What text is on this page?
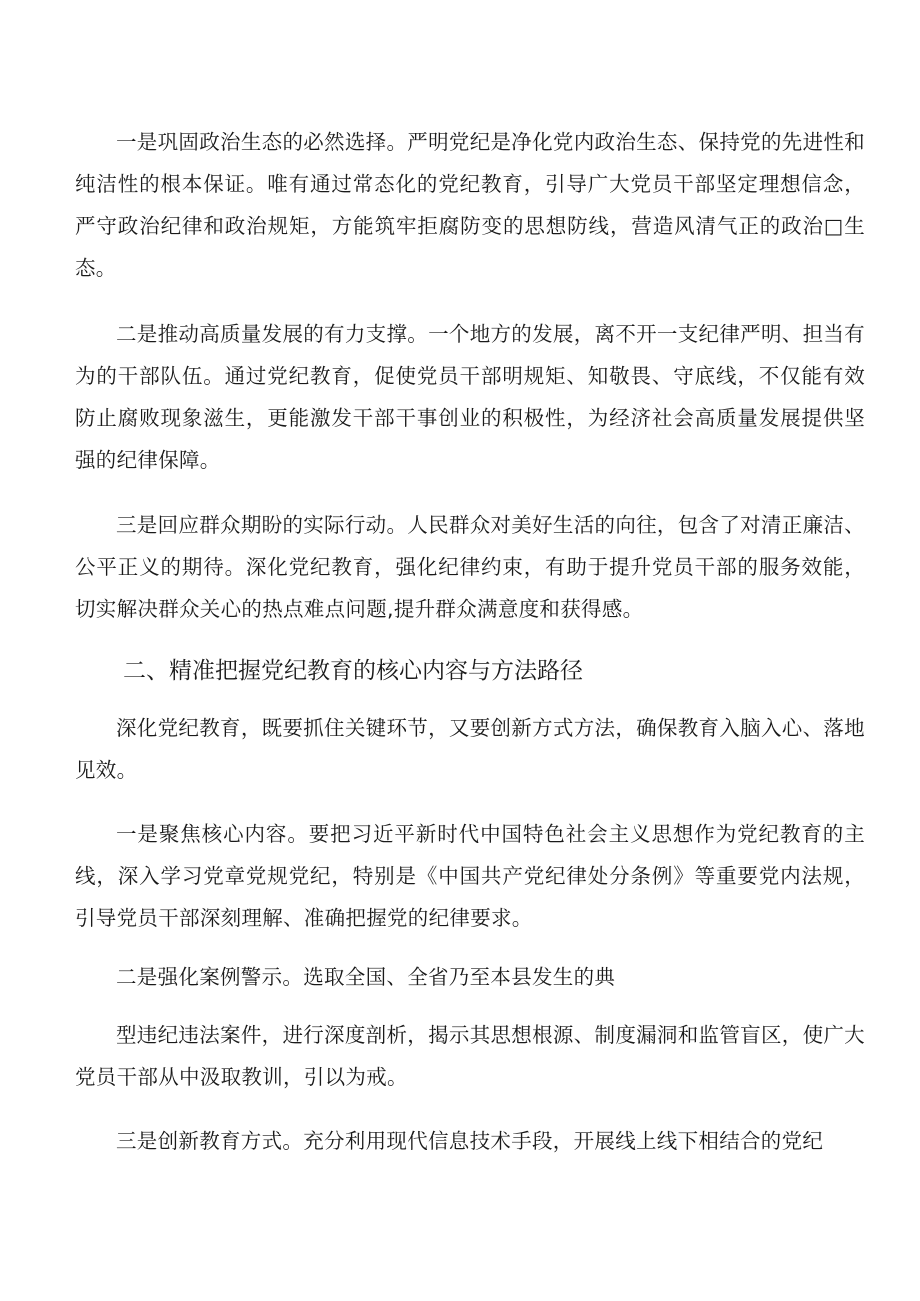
一是巩固政治生态的必然选择。严明党纪是净化党内政治生态、保持党的先进性和纯洁性的根本保证。唯有通过常态化的党纪教育，引导广大党员干部坚定理想信念，严守政治纪律和政治规矩，方能筑牢拒腐防变的思想防线，营造风清气正的政治□生态。

二是推动高质量发展的有力支撑。一个地方的发展，离不开一支纪律严明、担当有为的干部队伍。通过党纪教育，促使党员干部明规矩、知敬畏、守底线，不仅能有效防止腐败现象滋生，更能激发干部干事创业的积极性，为经济社会高质量发展提供坚强的纪律保障。

三是回应群众期盼的实际行动。人民群众对美好生活的向往，包含了对清正廉洁、公平正义的期待。深化党纪教育，强化纪律约束，有助于提升党员干部的服务效能，切实解决群众关心的热点难点问题,提升群众满意度和获得感。

二、精准把握党纪教育的核心内容与方法路径

深化党纪教育，既要抓住关键环节，又要创新方式方法，确保教育入脑入心、落地见效。

一是聚焦核心内容。要把习近平新时代中国特色社会主义思想作为党纪教育的主线，深入学习党章党规党纪，特别是《中国共产党纪律处分条例》等重要党内法规，引导党员干部深刻理解、准确把握党的纪律要求。

二是强化案例警示。选取全国、全省乃至本县发生的典

型违纪违法案件，进行深度剖析，揭示其思想根源、制度漏洞和监管盲区，使广大党员干部从中汲取教训，引以为戒。

三是创新教育方式。充分利用现代信息技术手段，开展线上线下相结合的党纪
